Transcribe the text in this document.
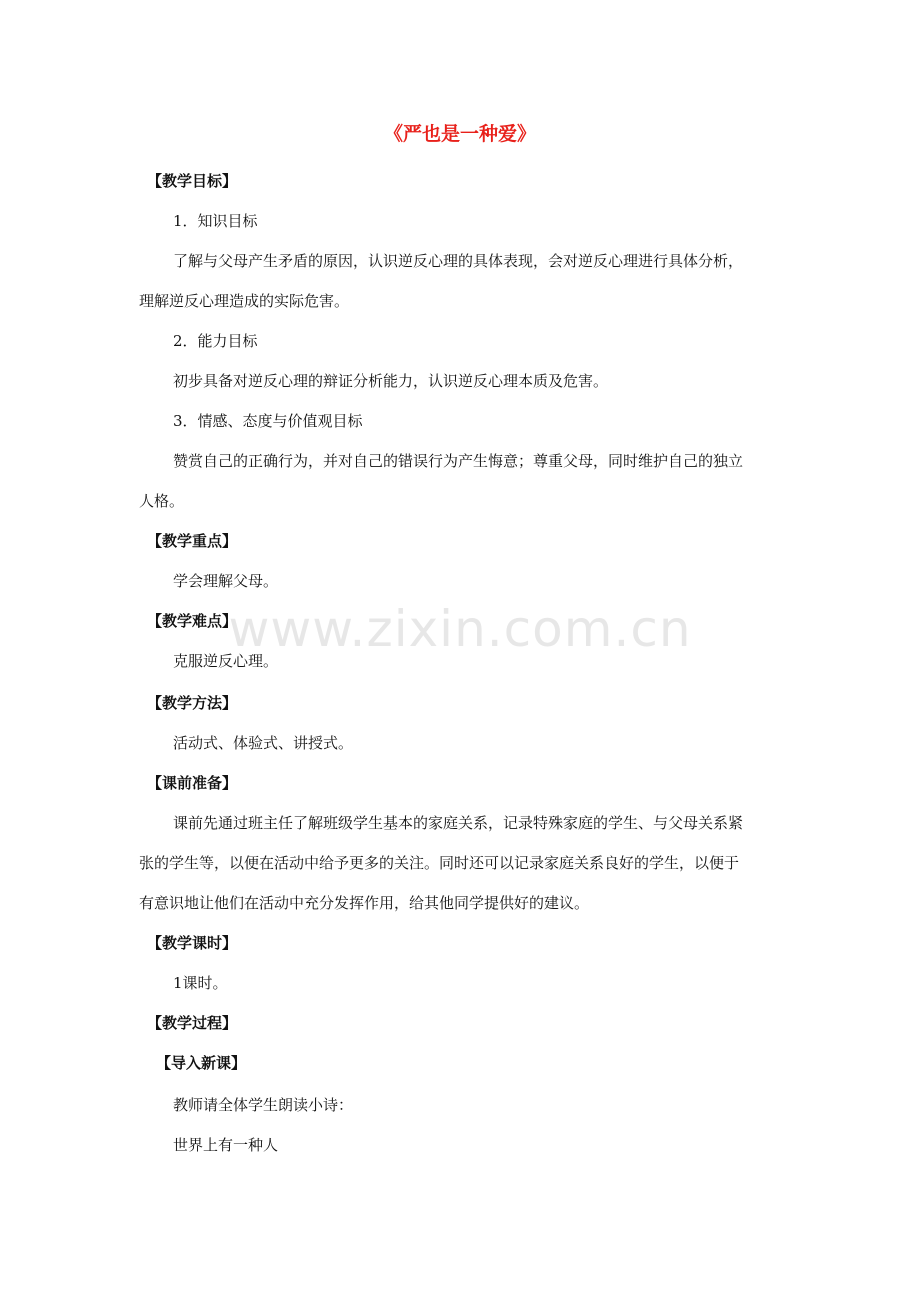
《严也是一种爱》
【教学目标】
1．知识目标
了解与父母产生矛盾的原因，认识逆反心理的具体表现，会对逆反心理进行具体分析，
理解逆反心理造成的实际危害。
2．能力目标
初步具备对逆反心理的辩证分析能力，认识逆反心理本质及危害。
3．情感、态度与价值观目标
赞赏自己的正确行为，并对自己的错误行为产生悔意；尊重父母，同时维护自己的独立
人格。
【教学重点】
学会理解父母。
【教学难点】
克服逆反心理。
【教学方法】
活动式、体验式、讲授式。
【课前准备】
课前先通过班主任了解班级学生基本的家庭关系，记录特殊家庭的学生、与父母关系紧
张的学生等，以便在活动中给予更多的关注。同时还可以记录家庭关系良好的学生，以便于
有意识地让他们在活动中充分发挥作用，给其他同学提供好的建议。
【教学课时】
1课时。
【教学过程】
【导入新课】
教师请全体学生朗读小诗：
世界上有一种人
www.zixin.com.cn
